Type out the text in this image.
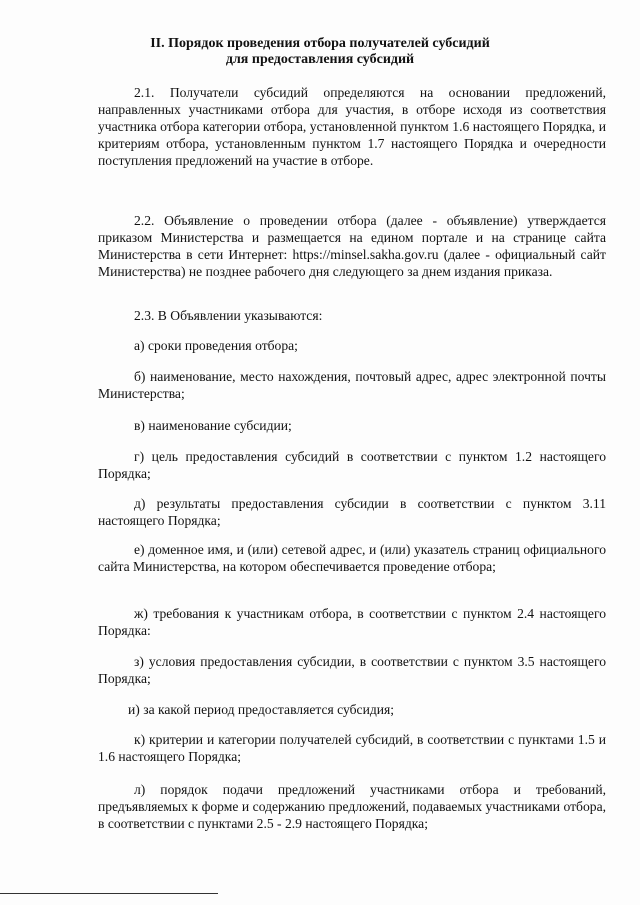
II. Порядок проведения отбора получателей субсидий
для предоставления субсидий
2.1. Получатели субсидий определяются на основании предложений, направленных участниками отбора для участия, в отборе исходя из соответствия участника отбора категории отбора, установленной пунктом 1.6 настоящего Порядка, и критериям отбора, установленным пунктом 1.7 настоящего Порядка и очередности поступления предложений на участие в отборе.
2.2. Объявление о проведении отбора (далее - объявление) утверждается приказом Министерства и размещается на едином портале и на странице сайта Министерства в сети Интернет: https://minsel.sakha.gov.ru (далее - официальный сайт Министерства) не позднее рабочего дня следующего за днем издания приказа.
2.3. В Объявлении указываются:
а) сроки проведения отбора;
б) наименование, место нахождения, почтовый адрес, адрес электронной почты Министерства;
в) наименование субсидии;
г) цель предоставления субсидий в соответствии с пунктом 1.2 настоящего Порядка;
д) результаты предоставления субсидии в соответствии с пунктом 3.11 настоящего Порядка;
е) доменное имя, и (или) сетевой адрес, и (или) указатель страниц официального сайта Министерства, на котором обеспечивается проведение отбора;
ж) требования к участникам отбора, в соответствии с пунктом 2.4 настоящего Порядка:
з) условия предоставления субсидии, в соответствии с пунктом 3.5 настоящего Порядка;
и) за какой период предоставляется субсидия;
к) критерии и категории получателей субсидий, в соответствии с пунктами 1.5 и 1.6 настоящего Порядка;
л) порядок подачи предложений участниками отбора и требований, предъявляемых к форме и содержанию предложений, подаваемых участниками отбора, в соответствии с пунктами 2.5 - 2.9 настоящего Порядка;
